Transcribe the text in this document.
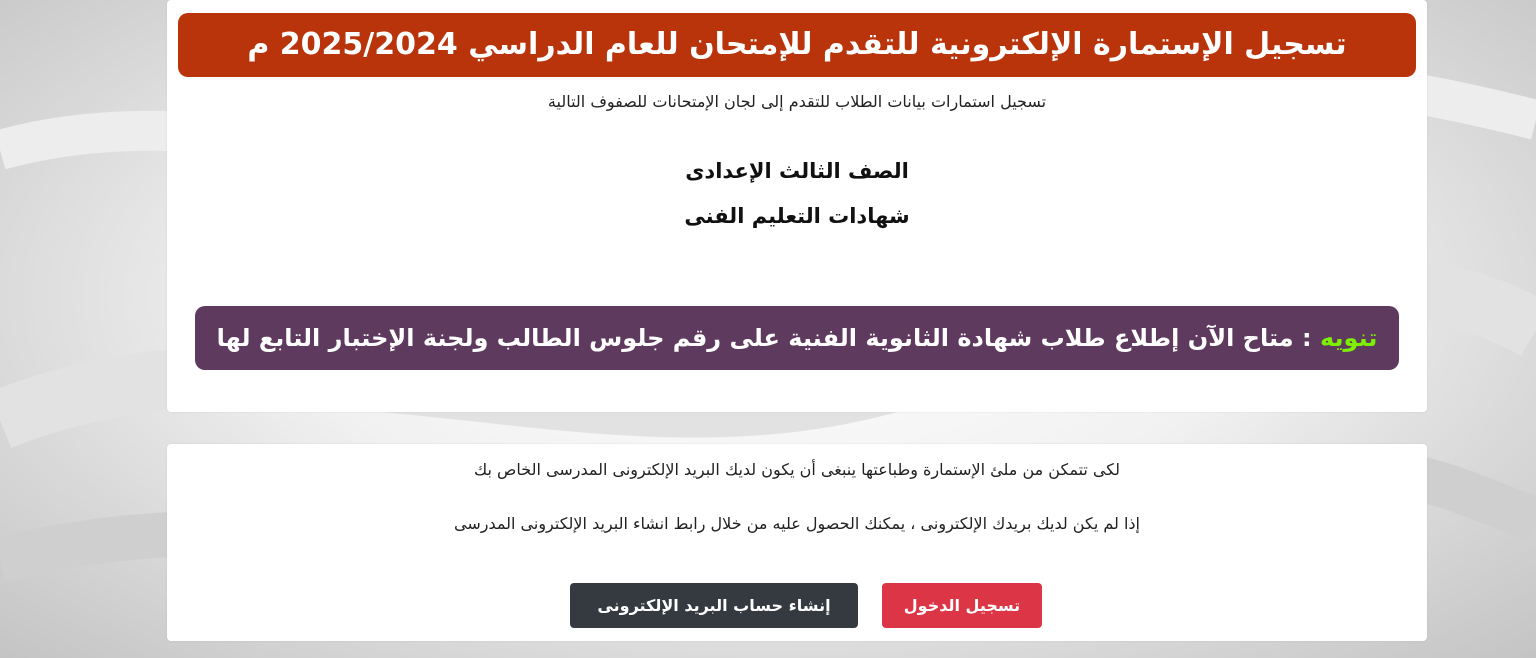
تسجيل الإستمارة الإلكترونية للتقدم للإمتحان للعام الدراسي 2025/2024 م
تسجيل استمارات بيانات الطلاب للتقدم إلى لجان الإمتحانات للصفوف التالية
الصف الثالث الإعدادى
شهادات التعليم الفنى
تنويه : متاح الآن إطلاع طلاب شهادة الثانوية الفنية على رقم جلوس الطالب ولجنة الإختبار التابع لها
لكى تتمكن من ملئ الإستمارة وطباعتها ينبغى أن يكون لديك البريد الإلكترونى المدرسى الخاص بك
إذا لم يكن لديك بريدك الإلكترونى ، يمكنك الحصول عليه من خلال رابط انشاء البريد الإلكترونى المدرسى
تسجيل الدخول
إنشاء حساب البريد الإلكترونى
